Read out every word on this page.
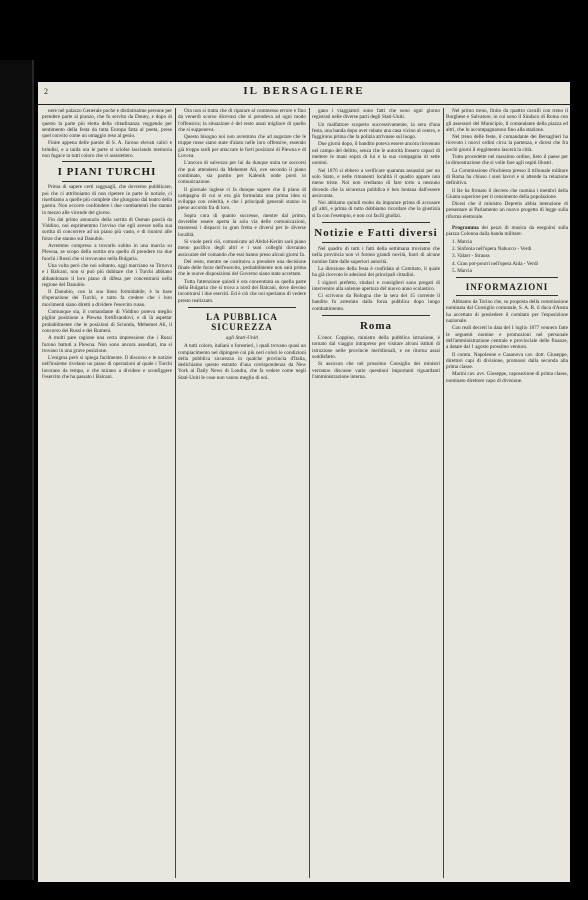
2	IL BERSAGLIERE

nere nel palazzo Generale poche e distintissime persone per prendere parte al pranzo, che fu servito da Doney, e dopo di questo la parte più eletta della cittadinanza veggendo per sentimento della festa da tutta Europa fatta al poeta, prese quel convito come un omaggio reso al genio.

Finite appena delle parole di S. A. furono elevati calici e brindisi, e a tarda ora le parte si sciolse lasciando memoria non fugace in tutti coloro che vi assistettero.

I PIANI TURCHI

Prima di sapere certi ragguagli, che dovremo pubblicare, poi che ci attribuiamo di non ripetere in parte le notizie, ci riserbiamo a quelle più complete che giungono dal teatro della guerra. Non occorre confondere i due combattenti che stanno in mezzo alle vicende del giorno.

Fin dal primo annunzio della sortita di Osman pascià da Viddino, noi esprimemmo l'avviso che egli avesse nella sua sortita di concorrere ad un piano più vasto, e di riunirsi alle forze che stanno sul Danubio.

Avremmo compreso a trovarlo subito in una marcia su Plewna, se scopo della sortita era quello di prendere tra due fuochi i Russi che si trovavano nella Bulgaria.

Una volta però che noi soltanto, oggi marciano su Tirnova e i Balcani, non si può più dubitare che i Turchi abbiano abbandonato il loro piano di difesa per concentrarsi nella regione del Danubio.

Il Danubio, con la sua linea formidabile, è la base d'operazione dei Turchi, e tutto fa credere che i loro movimenti siano diretti a dividere l'esercito russo.

Comunque sia, il comandante di Viddino poteva meglio pigliar posizione a Plewna fortificandovi, e di là aspettar probabilmente che le posizioni di Sciumla, Mehemet Ali, il concorso dei Russi e dei Rumeni.

A molti pare ragione una certa impressione che i Russi furono battuti a Plewna. Non sono ancora assediati, ma si trovano in una grave posizione.

L'enigma però si spiega facilmente. Il discorso e le notizie nell'insieme rivelano un piano di operazioni al quale i Turchi lavorano da tempo, e che mirano a dividere e sconfiggere l'esercito che ha passato i Balcani.

Ora non si tratta che di riparare al commesso errore e fino da venerdì scorso dicevasi che si prendeva ad ogni modo l'offensiva; la situazione è del resto assai migliore di quello che si supponeva.

Questo bisogno noi non avremmo che ad augurare che le truppe russe siano state d'aiuto nelle loro offensive, essendo già troppo tardi per attaccare le forti posizioni di Plewna e di Lovcea.

L'ancora di salvezza per lui da dunque unita ne soccorsi che può attendersi da Mehemet Ali, ove secondo il piano combinato, sia partito per Kalenik onde porsi in comunicazione.

Il giornale inglese ci fa dunque sapere che il piano di campagna di cui si era già formulata una prima idea si sviluppa con celerità, e che i principali generali stanno in pieno accordo fra di loro.

Sopra cura di quanto successe, mentre dal primo, dovrebbe essere aperta la sola via delle comunicazioni, trasmessi i dispacci in gran fretta e diversi per le diverse località.

Si vuole però ciò, comunicato ad Abdul-Kerim sarà piano meno pacifico degli altri e i suoi colleghi dovranno assicurare del comando che essi hanno preso alcuni giorni fa.

Del resto, mentre ne costituiva a prendere una decisione finale delle forze dell'esercito, probabilmente non sarà prima che le nuove disposizioni del Governo siano state accettate.

Tutta l'attenzione quindi è ora concentrata su quella parte della Bulgaria che si trova a nord dei Balcani, dove devono incontrarsi i due eserciti. Ed è ciò che noi speriamo di vedere presto realizzato.

LA PUBBLICA SICUREZZA
agli Stati-Uniti

A tutti coloro, italiani o forestieri, i quali trovano quasi un compiacimento nel dipingere coi più neri colori le condizioni della pubblica sicurezza in qualche provincia d'Italia, dedichiamo questo estratto d'una corrispondenza da New York al Daily News di Londra, che fa vedere come negli Stati-Uniti le cose non vanno meglio di noi.

gano i viaggiatori sono fatti che sono ogni giorno registrati nelle diverse parti degli Stati-Uniti.

Un malfattore scoperto successivamente, la sera d'una festa, una banda dopo aver rubato una casa vicino al centro, e fuggirono prima che la polizia arrivasse sul luogo.

Due giorni dopo, il bandito poteva essere ancora rinvenuto nel campo del delitto, senza che le autorità fossero capaci di mettere le mani sopra di lui e la sua compagnia di sette uomini.

Nel 1876 si ebbero a verificare quaranta assassini per un solo Stato, e nelle rimanenti località il quadro appare non meno triste. Noi non crediamo di fare torto a nessuno dicendo che la sicurezza pubblica è ben lontana dall'essere assicurata.

Noi abbiamo quindi molto da imparare prima di accusare gli altri, e prima di tutto dobbiamo ricordare che la giustizia si fa con l'esempio, e non coi facili giudizi.

Notizie e Fatti diversi

Nel quadro di tutti i fatti della settimana troviamo che nella provincia non vi furono grandi novità, fuori di alcune nomine fatte dalle superiori autorità.

La direzione della festa è confidata al Comitato, il quale ha già ricevuto le adesioni dei principali cittadini.

I signori prefetto, sindaci e consiglieri sono pregati di intervenire alla solenne apertura del nuovo anno scolastico.

Ci scrivono da Bologna che la sera del 15 corrente il bandito fu arrestato dalla forza pubblica dopo lungo combattimento.

Roma

L'onor. Coppino, ministro della pubblica istruzione, è tornato dal viaggio intrapreso per visitare alcuni istituti di istruzione nelle provincie meridionali, e ne ritorna assai soddisfatto.

Si assicura che nel prossimo Consiglio dei ministri verranno discusse varie questioni importanti riguardanti l'amministrazione interna.

Nel primo treno, finito da quattro cavalli con treno il Borghese e Salvatore, in cui sono il Sindaco di Roma con gli assessori del Municipio, il comandante della piazza ed altri, che lo accompagnarono fino alla stazione.

Nel treno delle feste, il comandante dei Bersaglieri ha ricevuto i nuovi ordini circa la partenza, e dicesi che fra pochi giorni il reggimento lascerà la città.

Tutto procedette nel massimo ordine, lieto il paese per la dimostrazione che si volle fare agli ospiti illustri.

La Commissione d'inchiesta presso il tribunale militare di Roma ha chiuso i suoi lavori e si attende la relazione definitiva.

Il Re ha firmato il decreto che nomina i membri della Giunta superiore per il censimento della popolazione.

Dicesi che il ministro Depretis abbia intenzione di presentare al Parlamento un nuovo progetto di legge sulla riforma elettorale.

Programma dei pezzi di musica da eseguirsi sulla piazza Colonna dalla banda militare:

1. Marcia

2. Sinfonia nell'opera Nabucco - Verdi

3. Valzer - Strauss

4. Gran pot-pourri nell'opera Aida - Verdi

5. Marcia

INFORMAZIONI

Abbiamo da Torino che, su proposta della commissione nominata dal Consiglio comunale, S. A. R. il duca d'Aosta ha accettato di presiedere il comitato per l'esposizione nazionale.

Con reali decreti in data del 1 luglio 1877 vennero fatte le seguenti nomine e promozioni nel personale dell'amministrazione centrale e provinciale delle finanze, a datare dal 1 agosto prossimo venturo.

Il comm. Napoleone e Casanova cav. dott. Giuseppe, direttori capi di divisione, promossi dalla seconda alla prima classe.

Marini cav. avv. Giuseppe, caposezione di prima classe, nominato direttore capo di divisione.
